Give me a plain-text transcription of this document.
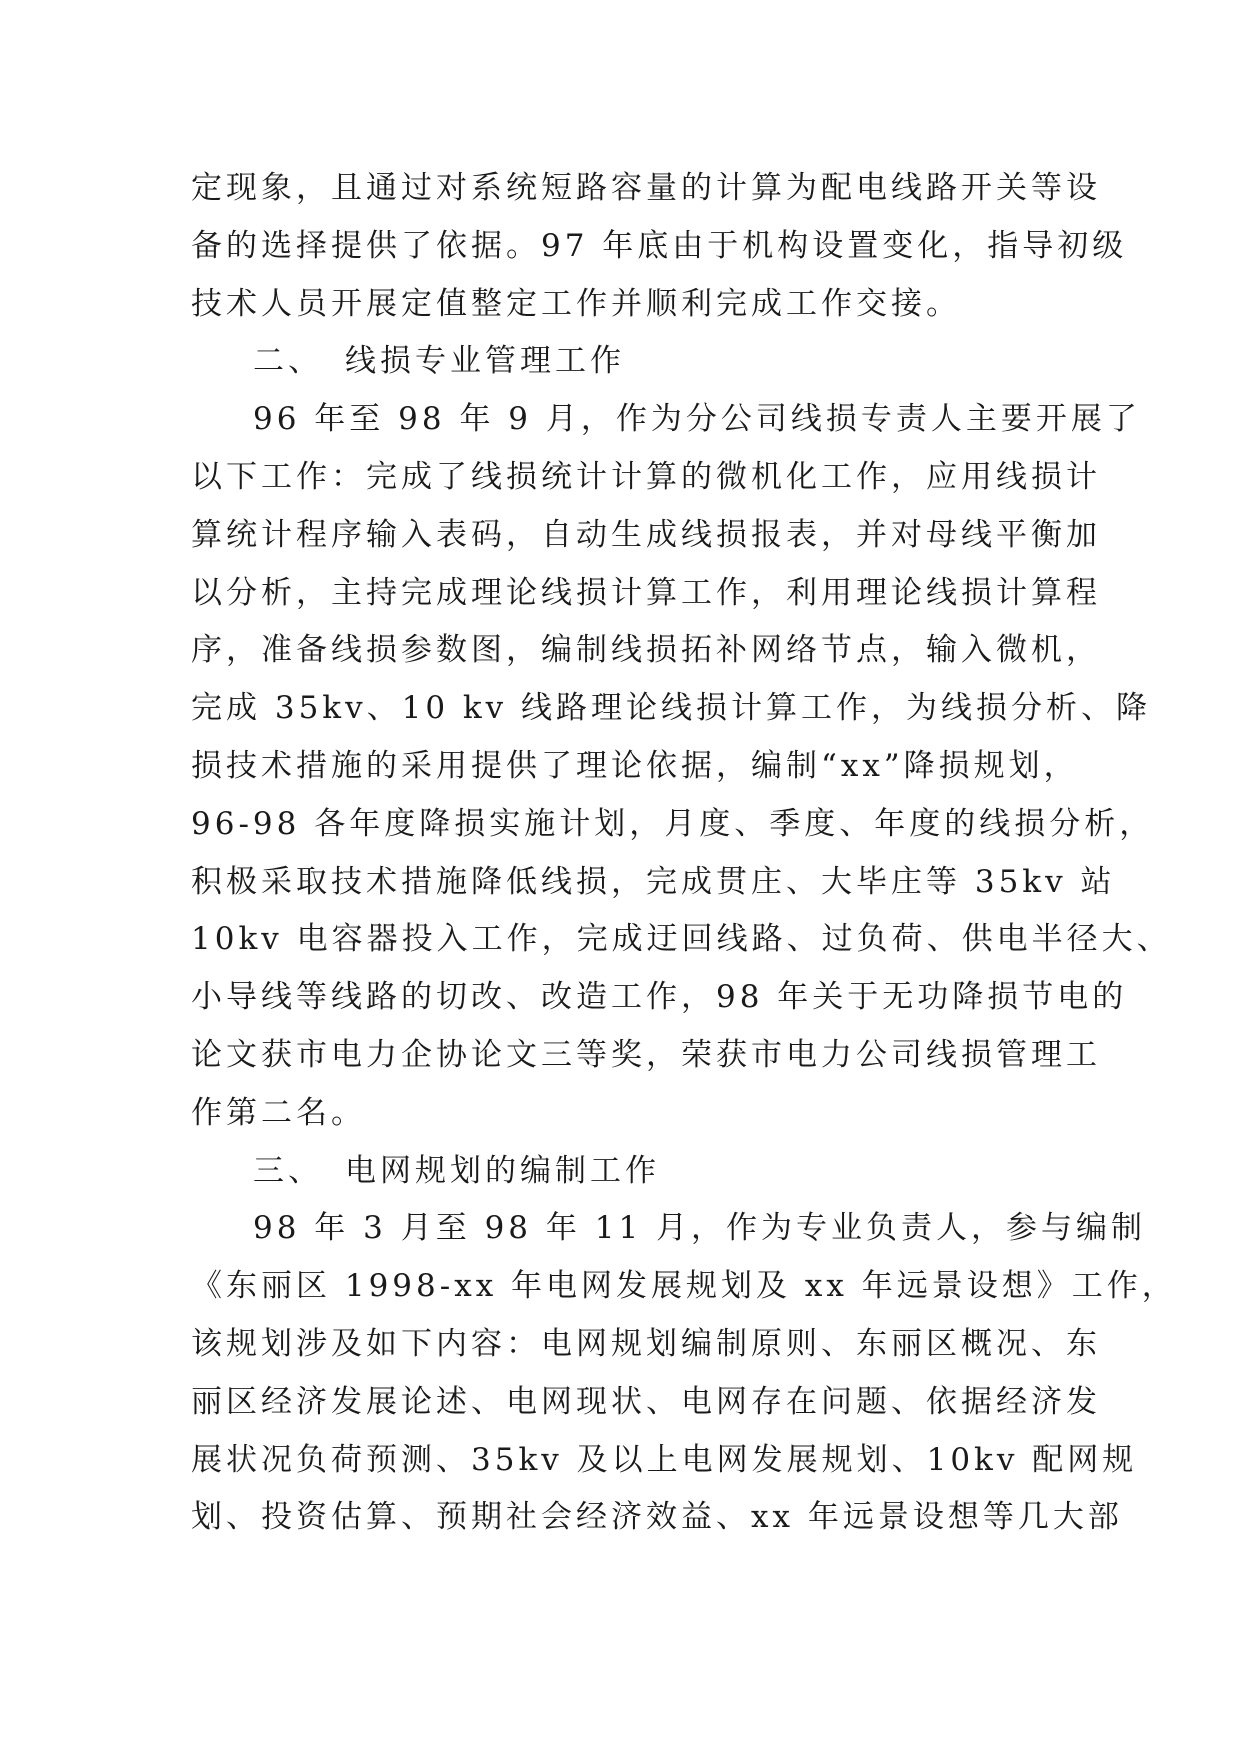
定现象，且通过对系统短路容量的计算为配电线路开关等设
备的选择提供了依据。97 年底由于机构设置变化，指导初级
技术人员开展定值整定工作并顺利完成工作交接。
二、 线损专业管理工作
96 年至 98 年 9 月，作为分公司线损专责人主要开展了
以下工作：完成了线损统计计算的微机化工作，应用线损计
算统计程序输入表码，自动生成线损报表，并对母线平衡加
以分析，主持完成理论线损计算工作，利用理论线损计算程
序，准备线损参数图，编制线损拓补网络节点，输入微机，
完成 35kv、10 kv 线路理论线损计算工作，为线损分析、降
损技术措施的采用提供了理论依据，编制“xx”降损规划，
96-98 各年度降损实施计划，月度、季度、年度的线损分析，
积极采取技术措施降低线损，完成贯庄、大毕庄等 35kv 站
10kv 电容器投入工作，完成迂回线路、过负荷、供电半径大、
小导线等线路的切改、改造工作，98 年关于无功降损节电的
论文获市电力企协论文三等奖，荣获市电力公司线损管理工
作第二名。
三、 电网规划的编制工作
98 年 3 月至 98 年 11 月，作为专业负责人，参与编制
《东丽区 1998-xx 年电网发展规划及 xx 年远景设想》工作，
该规划涉及如下内容：电网规划编制原则、东丽区概况、东
丽区经济发展论述、电网现状、电网存在问题、依据经济发
展状况负荷预测、35kv 及以上电网发展规划、10kv 配网规
划、投资估算、预期社会经济效益、xx 年远景设想等几大部
